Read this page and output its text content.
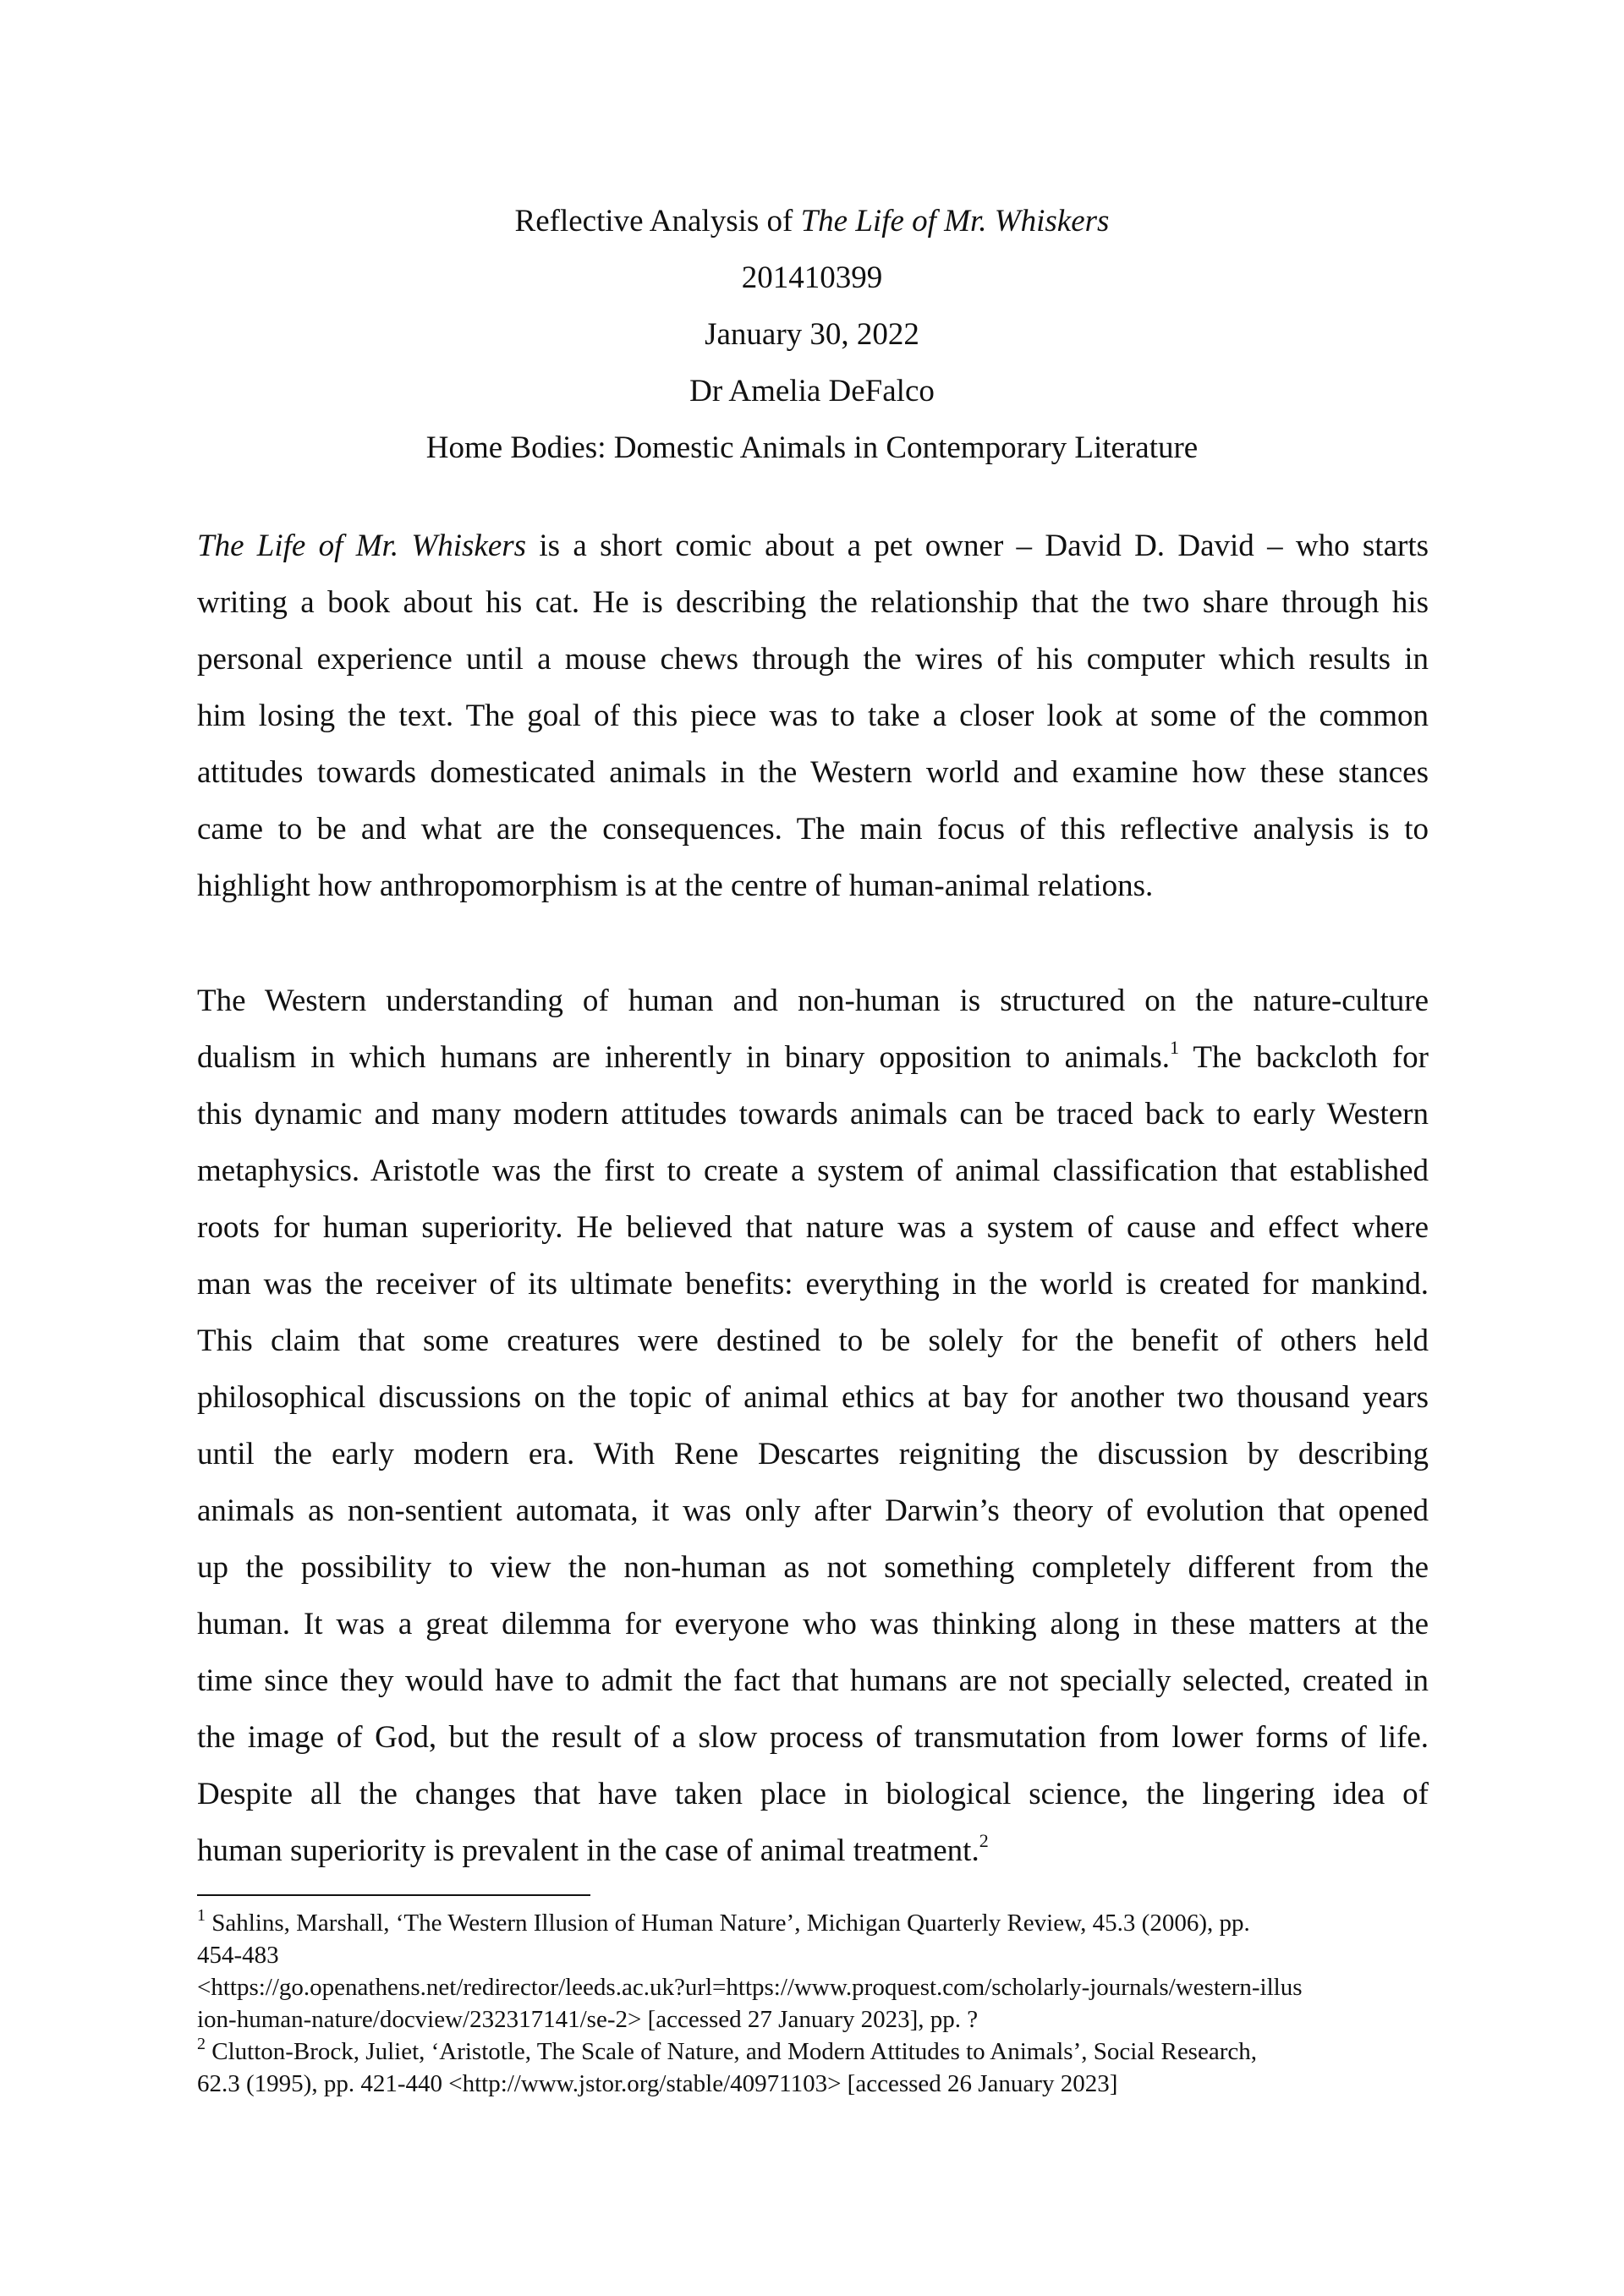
Reflective Analysis of The Life of Mr. Whiskers
201410399
January 30, 2022
Dr Amelia DeFalco
Home Bodies: Domestic Animals in Contemporary Literature
The Life of Mr. Whiskers is a short comic about a pet owner – David D. David – who starts
writing a book about his cat. He is describing the relationship that the two share through his
personal experience until a mouse chews through the wires of his computer which results in
him losing the text. The goal of this piece was to take a closer look at some of the common
attitudes towards domesticated animals in the Western world and examine how these stances
came to be and what are the consequences. The main focus of this reflective analysis is to
highlight how anthropomorphism is at the centre of human-animal relations.
The Western understanding of human and non-human is structured on the nature-culture
dualism in which humans are inherently in binary opposition to animals.$^1$ The backcloth for
this dynamic and many modern attitudes towards animals can be traced back to early Western
metaphysics. Aristotle was the first to create a system of animal classification that established
roots for human superiority. He believed that nature was a system of cause and effect where
man was the receiver of its ultimate benefits: everything in the world is created for mankind.
This claim that some creatures were destined to be solely for the benefit of others held
philosophical discussions on the topic of animal ethics at bay for another two thousand years
until the early modern era. With Rene Descartes reigniting the discussion by describing
animals as non-sentient automata, it was only after Darwin’s theory of evolution that opened
up the possibility to view the non-human as not something completely different from the
human. It was a great dilemma for everyone who was thinking along in these matters at the
time since they would have to admit the fact that humans are not specially selected, created in
the image of God, but the result of a slow process of transmutation from lower forms of life.
Despite all the changes that have taken place in biological science, the lingering idea of
human superiority is prevalent in the case of animal treatment.$^2$
$^1$ Sahlins, Marshall, ‘The Western Illusion of Human Nature’, Michigan Quarterly Review, 45.3 (2006), pp.
454-483
<https://go.openathens.net/redirector/leeds.ac.uk?url=https://www.proquest.com/scholarly-journals/western-illus
ion-human-nature/docview/232317141/se-2> [accessed 27 January 2023], pp. ?
$^2$ Clutton-Brock, Juliet, ‘Aristotle, The Scale of Nature, and Modern Attitudes to Animals’, Social Research,
62.3 (1995), pp. 421-440 <http://www.jstor.org/stable/40971103> [accessed 26 January 2023]
